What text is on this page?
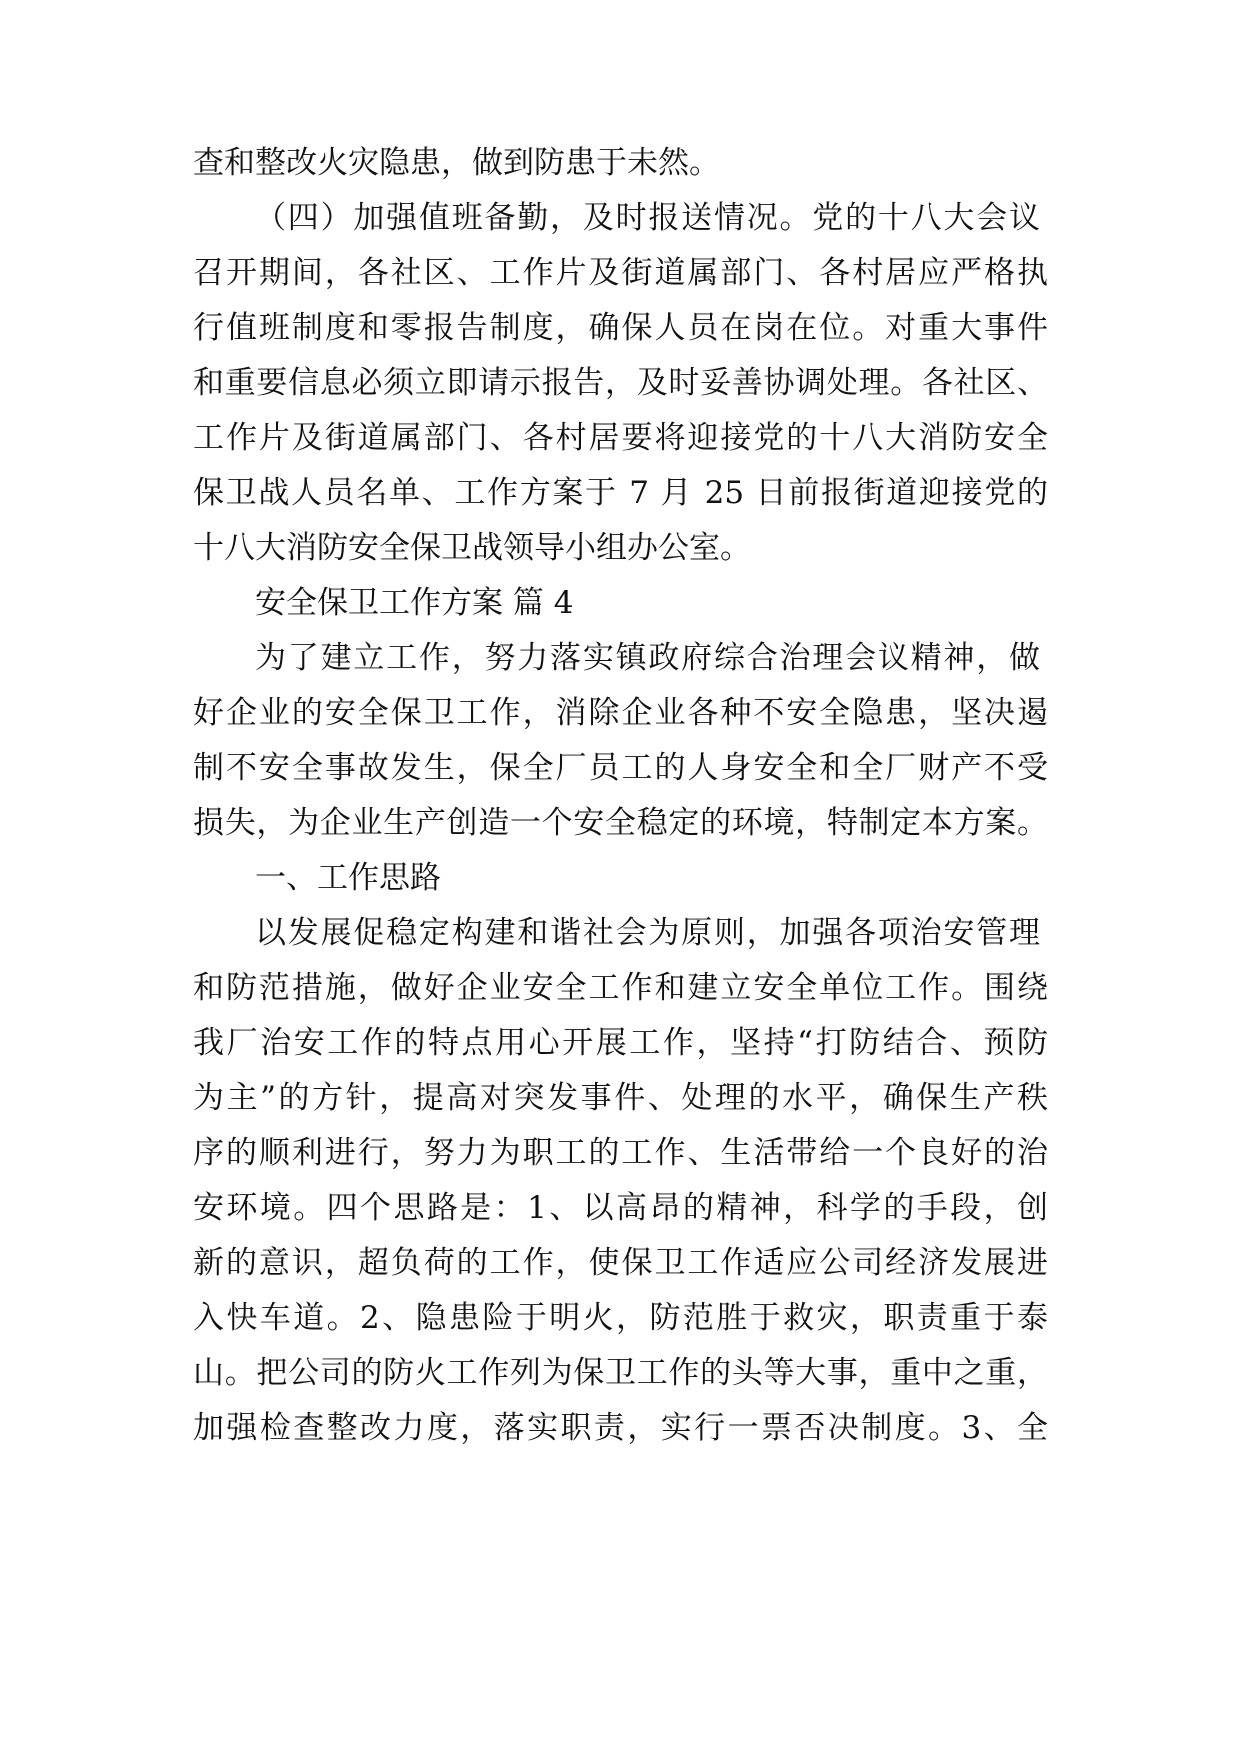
查和整改火灾隐患，做到防患于未然。
（四）加强值班备勤，及时报送情况。党的十八大会议
召开期间，各社区、工作片及街道属部门、各村居应严格执
行值班制度和零报告制度，确保人员在岗在位。对重大事件
和重要信息必须立即请示报告，及时妥善协调处理。各社区、
工作片及街道属部门、各村居要将迎接党的十八大消防安全
保卫战人员名单、工作方案于 7 月 25 日前报街道迎接党的
十八大消防安全保卫战领导小组办公室。
安全保卫工作方案 篇 4
为了建立工作，努力落实镇政府综合治理会议精神，做
好企业的安全保卫工作，消除企业各种不安全隐患，坚决遏
制不安全事故发生，保全厂员工的人身安全和全厂财产不受
损失，为企业生产创造一个安全稳定的环境，特制定本方案。
一、工作思路
以发展促稳定构建和谐社会为原则，加强各项治安管理
和防范措施，做好企业安全工作和建立安全单位工作。围绕
我厂治安工作的特点用心开展工作，坚持“打防结合、预防
为主”的方针，提高对突发事件、处理的水平，确保生产秩
序的顺利进行，努力为职工的工作、生活带给一个良好的治
安环境。四个思路是：1、以高昂的精神，科学的手段，创
新的意识，超负荷的工作，使保卫工作适应公司经济发展进
入快车道。2、隐患险于明火，防范胜于救灾，职责重于泰
山。把公司的防火工作列为保卫工作的头等大事，重中之重，
加强检查整改力度，落实职责，实行一票否决制度。3、全
